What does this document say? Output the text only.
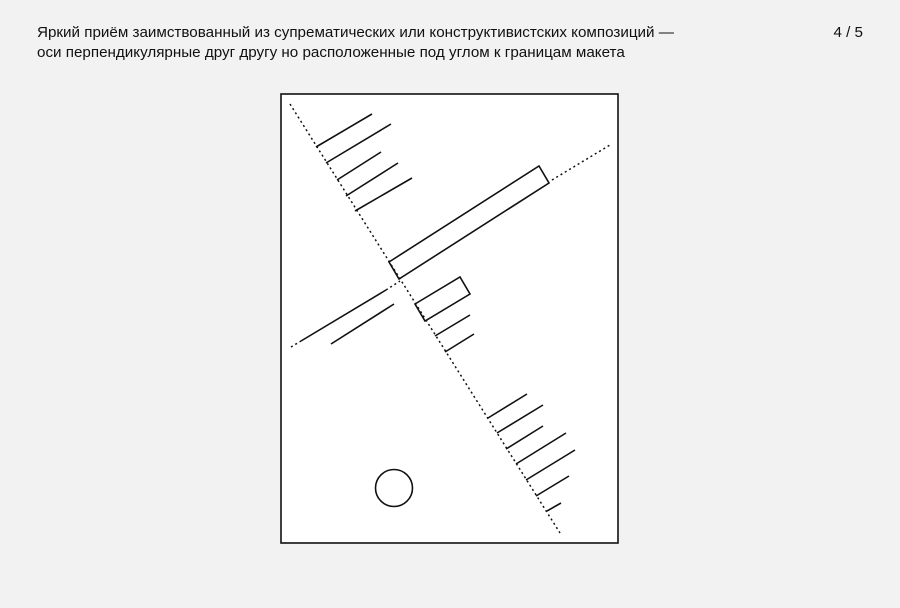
Яркий приём заимствованный из супрематических или конструктивистских композиций —
оси перпендикулярные друг другу но расположенные под углом к границам макета
4 / 5
